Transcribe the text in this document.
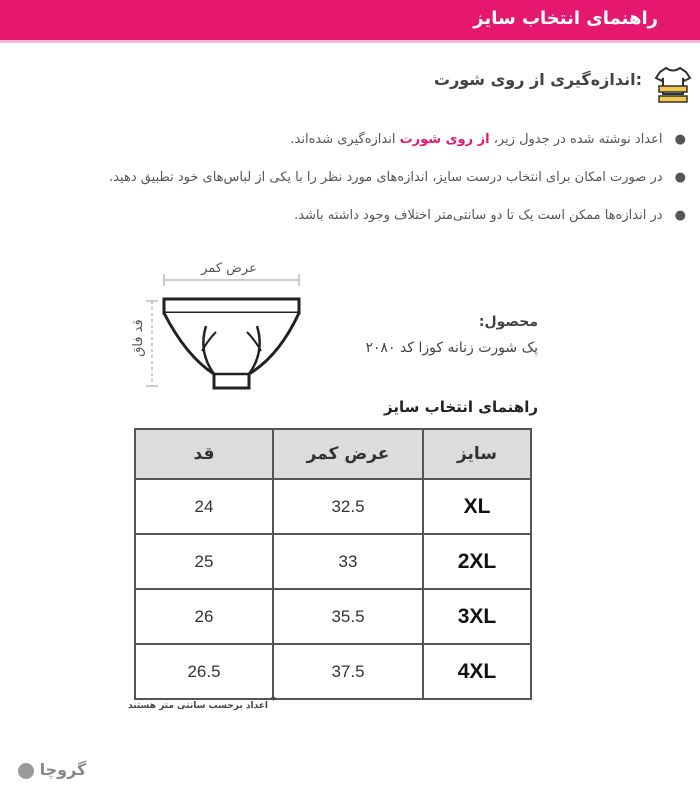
راهنمای انتخاب سایز
اندازه‌گیری از روی شورت:
● اعداد نوشته شده در جدول زیر، از روی شورت اندازه‌گیری شده‌اند.
● در صورت امکان برای انتخاب درست سایز، اندازه‌های مورد نظر را با یکی از لباس‌های خود تطبیق دهید.
● در اندازه‌ها ممکن است یک تا دو سانتی‌متر اختلاف وجود داشته باشد.
عرض کمر
قد فاق	محصول:
پک شورت زنانه کوزا کد ۲۰۸۰
راهنمای انتخاب سایز
سایز	عرض کمر	قد
XL	32.5	24
2XL	33	25
3XL	35.5	26
4XL	37.5	26.5
*
اعداد برحسب سانتی متر هستند
گروچا
